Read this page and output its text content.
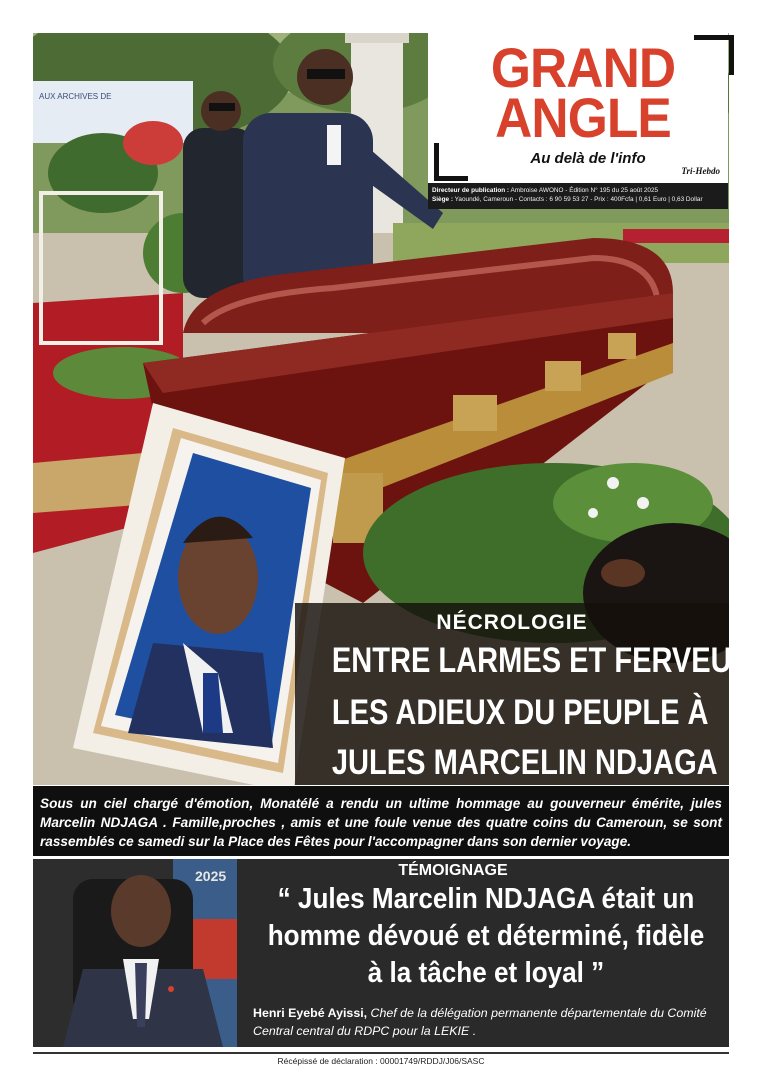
AUX ARCHIVES DE	GRAND
ANGLE
Au delà de l'info
Tri-Hebdo
Directeur de publication : Ambroise AWONO - Édition N° 195 du 25 août 2025
Siège : Yaoundé, Cameroun - Contacts : 6 90 59 53 27 - Prix : 400Fcfa | 0,61 Euro | 0,63 Dollar
NÉCROLOGIE
ENTRE LARMES ET FERVEUR,
LES ADIEUX DU PEUPLE À
JULES MARCELIN NDJAGA
Sous un ciel chargé d'émotion, Monatélé a rendu un ultime hommage au gouverneur émérite, jules Marcelin NDJAGA . Famille,proches , amis et une foule venue des quatre coins du Cameroun, se sont rassemblés ce samedi sur la Place des Fêtes pour l'accompagner dans son dernier voyage.
2025	TÉMOIGNAGE
“ Jules Marcelin NDJAGA était un homme dévoué et déterminé, fidèle à la tâche et loyal ”
Henri Eyebé Ayissi, Chef de la délégation permanente départementale du Comité Central central du RDPC pour la LEKIE .
Récépissé de déclaration : 00001749/RDDJ/J06/SASC
